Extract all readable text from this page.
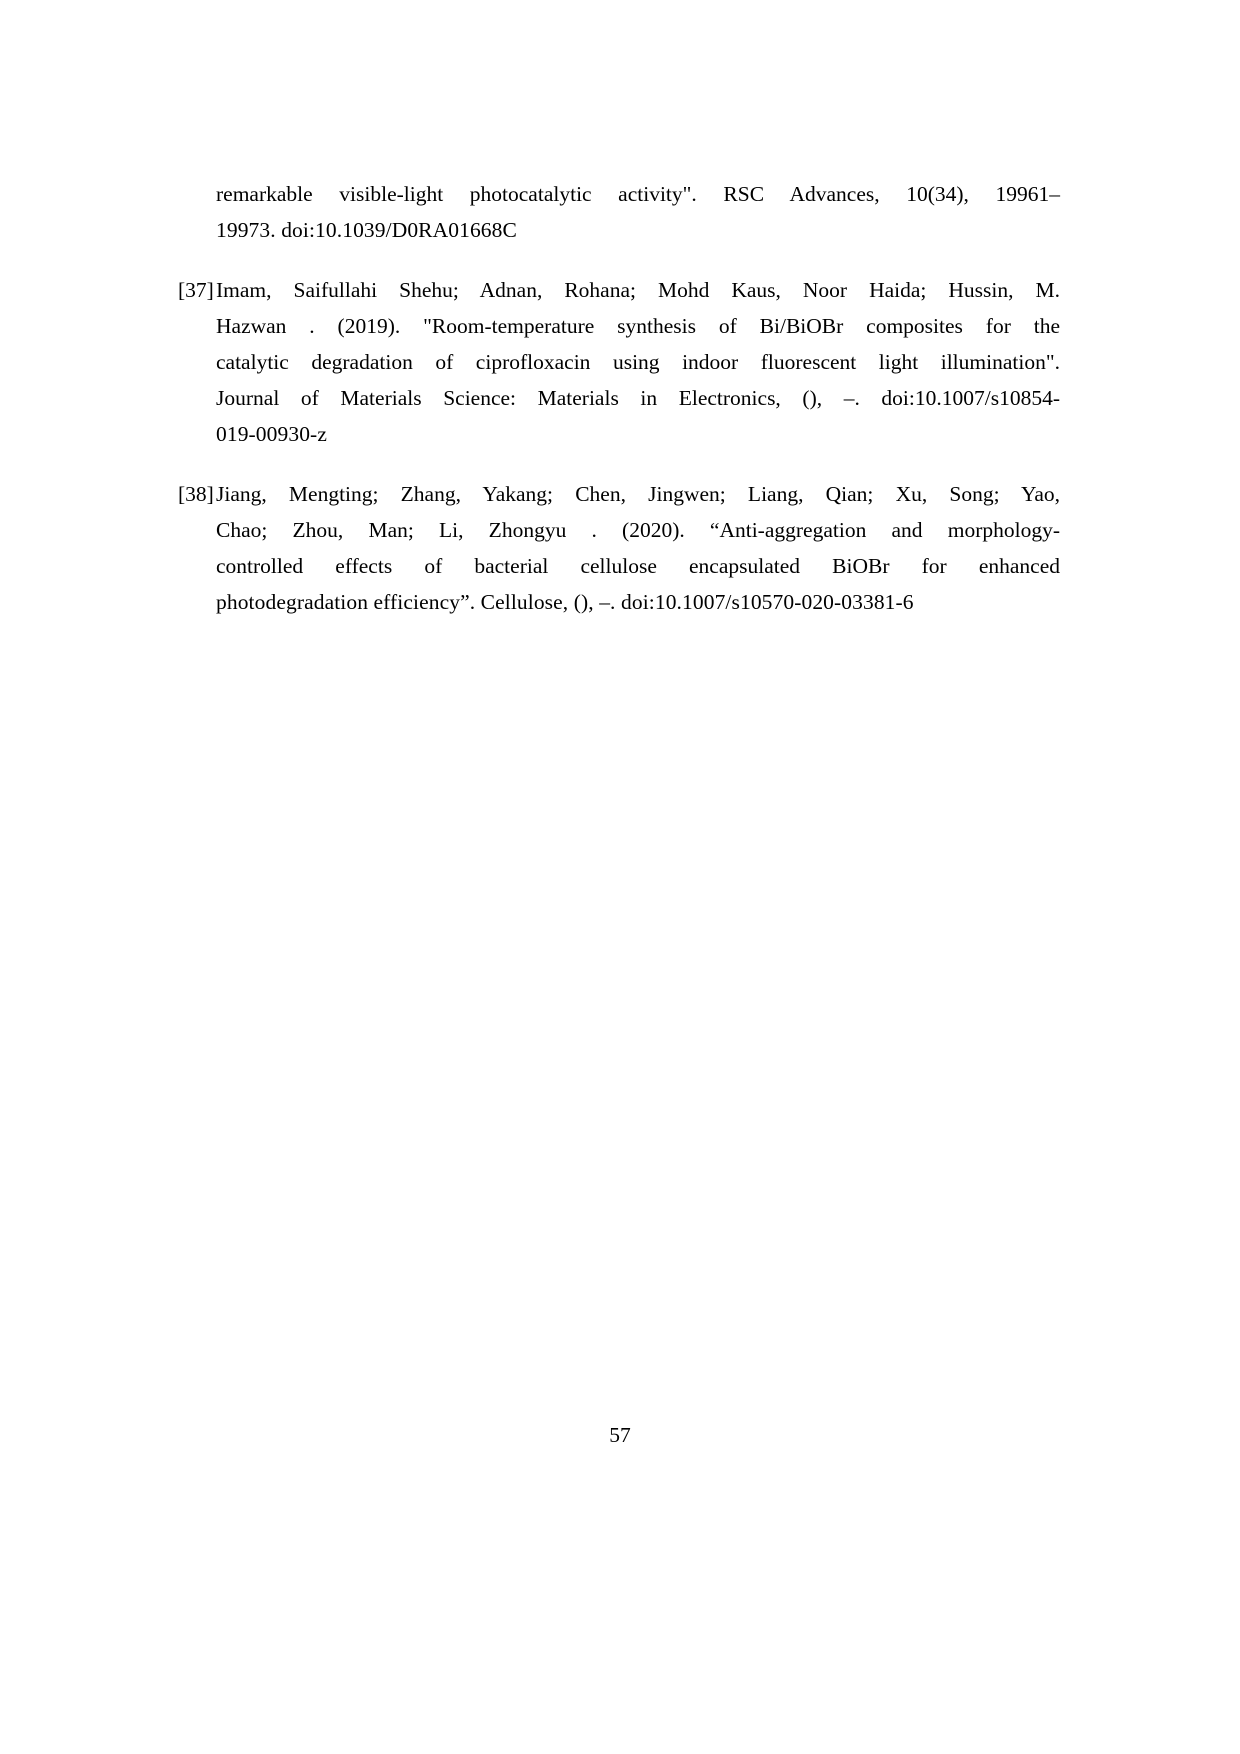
remarkable visible-light photocatalytic activity". RSC Advances, 10(34), 19961–
19973. doi:10.1039/D0RA01668C

[37] Imam, Saifullahi Shehu; Adnan, Rohana; Mohd Kaus, Noor Haida; Hussin, M.
Hazwan . (2019). "Room-temperature synthesis of Bi/BiOBr composites for the
catalytic degradation of ciprofloxacin using indoor fluorescent light illumination".
Journal of Materials Science: Materials in Electronics, (), –. doi:10.1007/s10854-
019-00930-z
[38] Jiang, Mengting; Zhang, Yakang; Chen, Jingwen; Liang, Qian; Xu, Song; Yao,
Chao; Zhou, Man; Li, Zhongyu . (2020). “Anti-aggregation and morphology-
controlled effects of bacterial cellulose encapsulated BiOBr for enhanced
photodegradation efficiency”. Cellulose, (), –. doi:10.1007/s10570-020-03381-6
57
